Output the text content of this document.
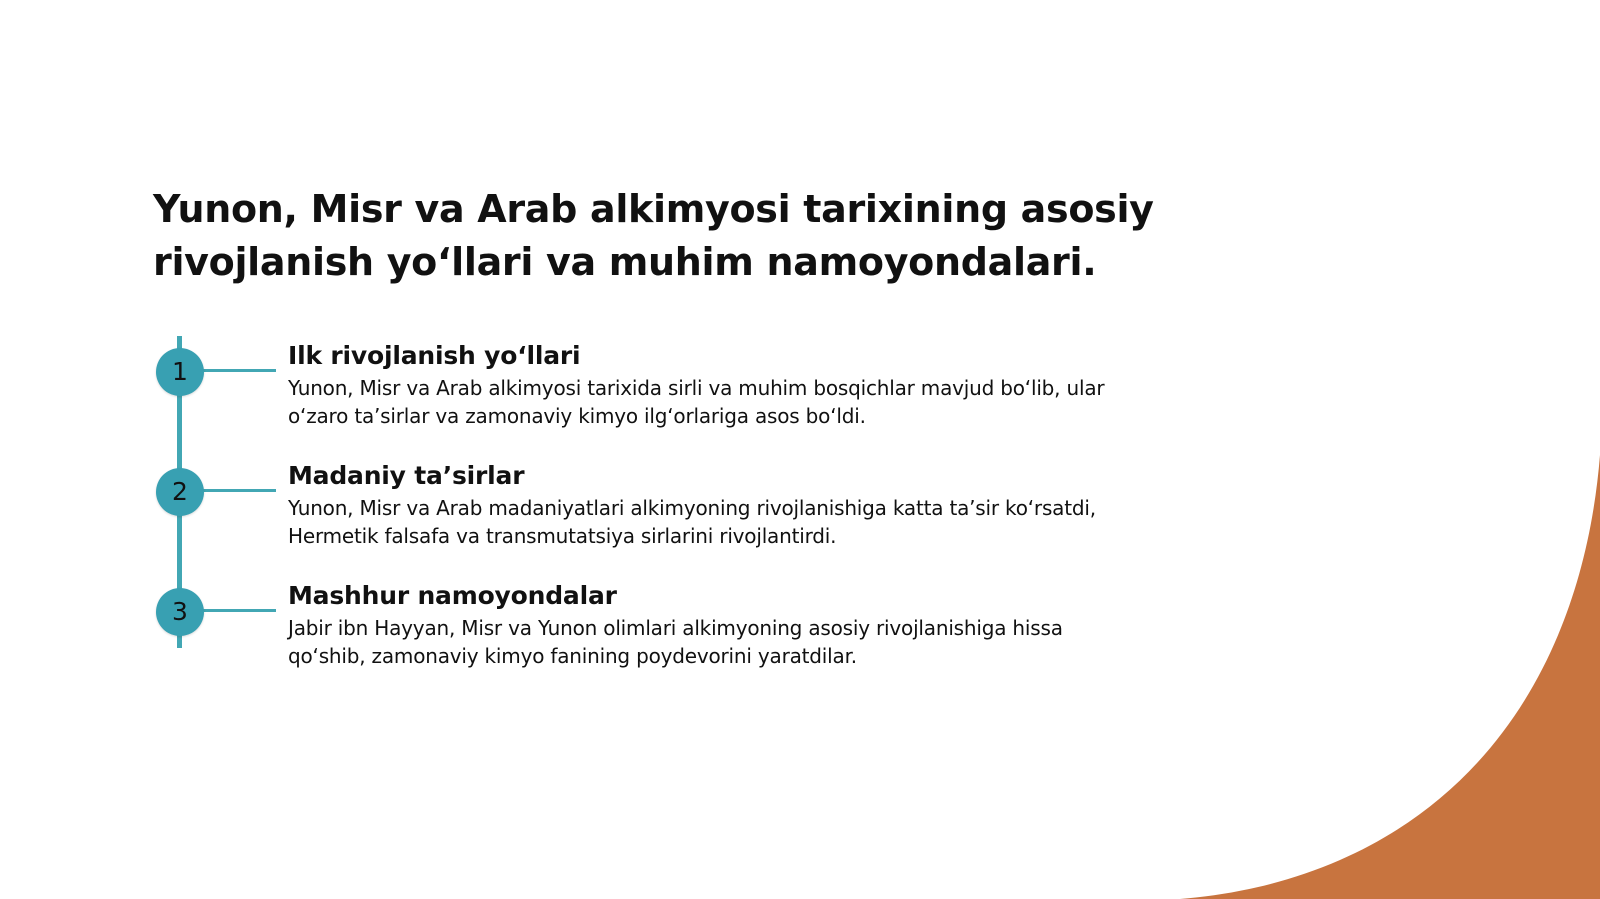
Yunon, Misr va Arab alkimyosi tarixining asosiy rivojlanish yo‘llari va muhim namoyondalari.
1
Ilk rivojlanish yo‘llari

Yunon, Misr va Arab alkimyosi tarixida sirli va muhim bosqichlar mavjud bo‘lib, ular o‘zaro ta’sirlar va zamonaviy kimyo ilg‘orlariga asos bo‘ldi.

2
Madaniy ta’sirlar

Yunon, Misr va Arab madaniyatlari alkimyoning rivojlanishiga katta ta’sir ko‘rsatdi, Hermetik falsafa va transmutatsiya sirlarini rivojlantirdi.

3
Mashhur namoyondalar

Jabir ibn Hayyan, Misr va Yunon olimlari alkimyoning asosiy rivojlanishiga hissa qo‘shib, zamonaviy kimyo fanining poydevorini yaratdilar.
